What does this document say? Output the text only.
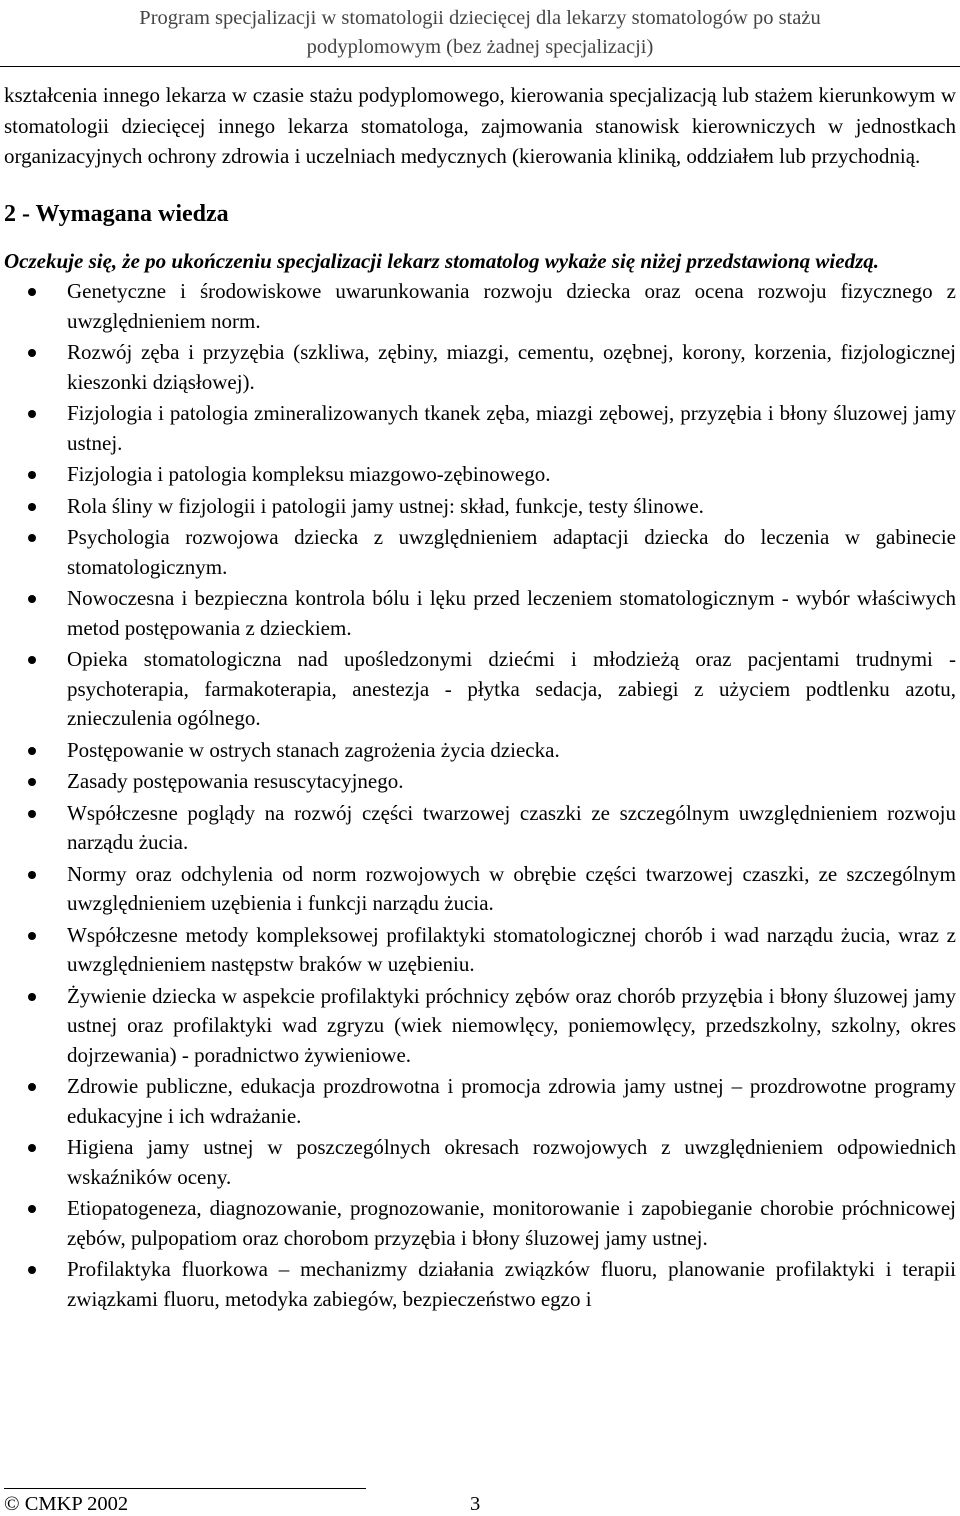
Program specjalizacji w stomatologii dziecięcej dla lekarzy stomatologów po stażu
podyplomowym (bez żadnej specjalizacji)

kształcenia innego lekarza w czasie stażu podyplomowego, kierowania specjalizacją lub stażem kierunkowym w stomatologii dziecięcej innego lekarza stomatologa, zajmowania stanowisk kierowniczych w jednostkach organizacyjnych ochrony zdrowia i uczelniach medycznych (kierowania kliniką, oddziałem lub przychodnią.

2 - Wymagana wiedza

Oczekuje się, że po ukończeniu specjalizacji lekarz stomatolog wykaże się niżej przedstawioną wiedzą.

Genetyczne i środowiskowe uwarunkowania rozwoju dziecka oraz ocena rozwoju fizycznego z uwzględnieniem norm.
Rozwój zęba i przyzębia (szkliwa, zębiny, miazgi, cementu, ozębnej, korony, korzenia, fizjologicznej kieszonki dziąsłowej).
Fizjologia i patologia zmineralizowanych tkanek zęba, miazgi zębowej, przyzębia i błony śluzowej jamy ustnej.
Fizjologia i patologia kompleksu miazgowo-zębinowego.
Rola śliny w fizjologii i patologii jamy ustnej: skład, funkcje, testy ślinowe.
Psychologia rozwojowa dziecka z uwzględnieniem adaptacji dziecka do leczenia w gabinecie stomatologicznym.
Nowoczesna i bezpieczna kontrola bólu i lęku przed leczeniem stomatologicznym - wybór właściwych metod postępowania z dzieckiem.
Opieka stomatologiczna nad upośledzonymi dziećmi i młodzieżą oraz pacjentami trudnymi - psychoterapia, farmakoterapia, anestezja - płytka sedacja, zabiegi z użyciem podtlenku azotu, znieczulenia ogólnego.
Postępowanie w ostrych stanach zagrożenia życia dziecka.
Zasady postępowania resuscytacyjnego.
Współczesne poglądy na rozwój części twarzowej czaszki ze szczególnym uwzględnieniem rozwoju narządu żucia.
Normy oraz odchylenia od norm rozwojowych w obrębie części twarzowej czaszki, ze szczególnym uwzględnieniem uzębienia i funkcji narządu żucia.
Współczesne metody kompleksowej profilaktyki stomatologicznej chorób i wad narządu żucia, wraz z uwzględnieniem następstw braków w uzębieniu.
Żywienie dziecka w aspekcie profilaktyki próchnicy zębów oraz chorób przyzębia i błony śluzowej jamy ustnej oraz profilaktyki wad zgryzu (wiek niemowlęcy, poniemowlęcy, przedszkolny, szkolny, okres dojrzewania) - poradnictwo żywieniowe.
Zdrowie publiczne, edukacja prozdrowotna i promocja zdrowia jamy ustnej – prozdrowotne programy edukacyjne i ich wdrażanie.
Higiena jamy ustnej w poszczególnych okresach rozwojowych z uwzględnieniem odpowiednich wskaźników oceny.
Etiopatogeneza, diagnozowanie, prognozowanie, monitorowanie i zapobieganie chorobie próchnicowej zębów, pulpopatiom oraz chorobom przyzębia i błony śluzowej jamy ustnej.
Profilaktyka fluorkowa – mechanizmy działania związków fluoru, planowanie profilaktyki i terapii związkami fluoru, metodyka zabiegów, bezpieczeństwo egzo i
© CMKP 2002	3
